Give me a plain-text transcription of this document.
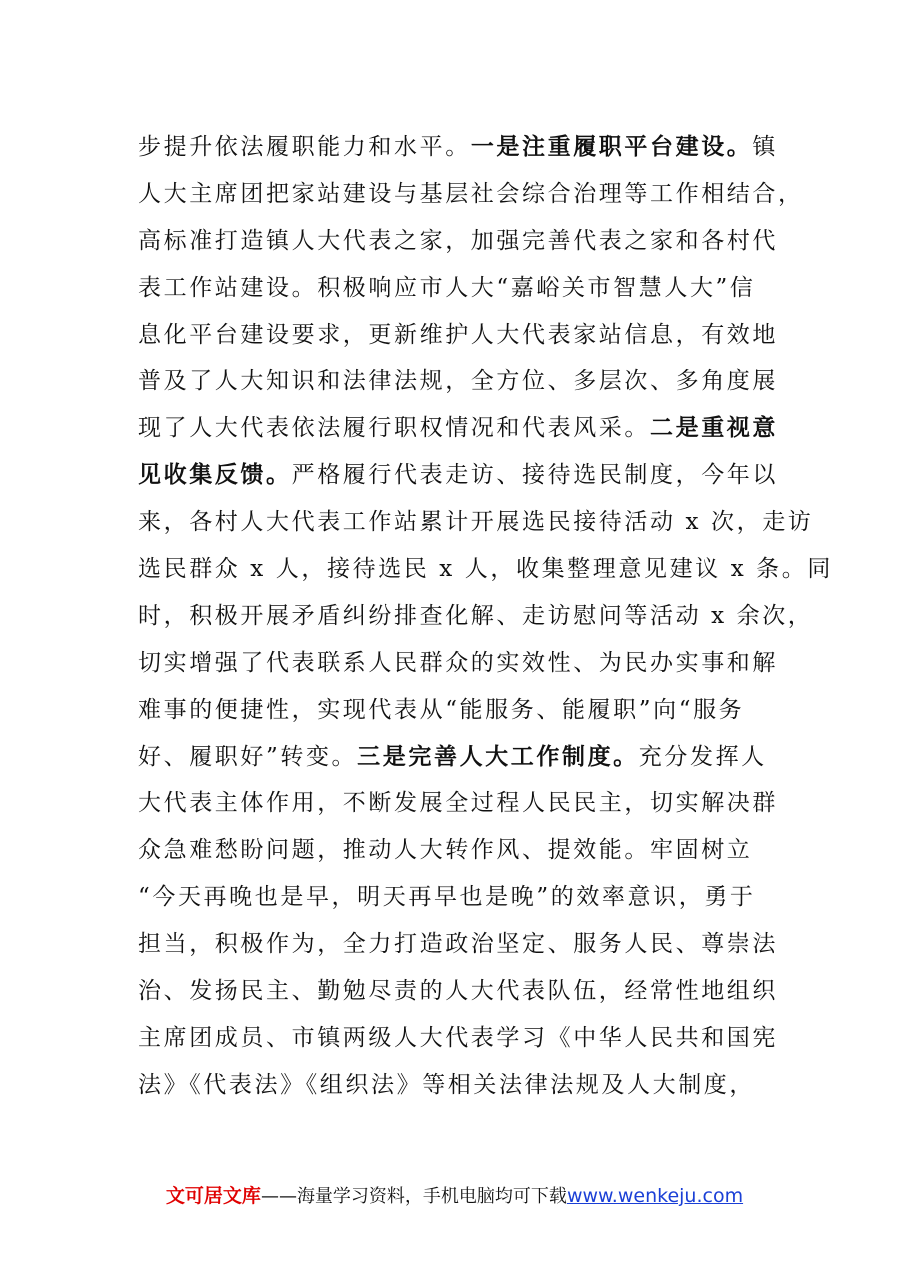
步提升依法履职能力和水平。一是注重履职平台建设。镇
人大主席团把家站建设与基层社会综合治理等工作相结合，
高标准打造镇人大代表之家，加强完善代表之家和各村代
表工作站建设。积极响应市人大“嘉峪关市智慧人大”信
息化平台建设要求，更新维护人大代表家站信息，有效地
普及了人大知识和法律法规，全方位、多层次、多角度展
现了人大代表依法履行职权情况和代表风采。二是重视意
见收集反馈。严格履行代表走访、接待选民制度，今年以
来，各村人大代表工作站累计开展选民接待活动 x 次，走访
选民群众 x 人，接待选民 x 人，收集整理意见建议 x 条。同
时，积极开展矛盾纠纷排查化解、走访慰问等活动 x 余次，
切实增强了代表联系人民群众的实效性、为民办实事和解
难事的便捷性，实现代表从“能服务、能履职”向“服务
好、履职好”转变。三是完善人大工作制度。充分发挥人
大代表主体作用，不断发展全过程人民民主，切实解决群
众急难愁盼问题，推动人大转作风、提效能。牢固树立
“今天再晚也是早，明天再早也是晚”的效率意识，勇于
担当，积极作为，全力打造政治坚定、服务人民、尊崇法
治、发扬民主、勤勉尽责的人大代表队伍，经常性地组织
主席团成员、市镇两级人大代表学习《中华人民共和国宪
法》《代表法》《组织法》等相关法律法规及人大制度，
文可居文库——海量学习资料，手机电脑均可下载www.wenkeju.com
